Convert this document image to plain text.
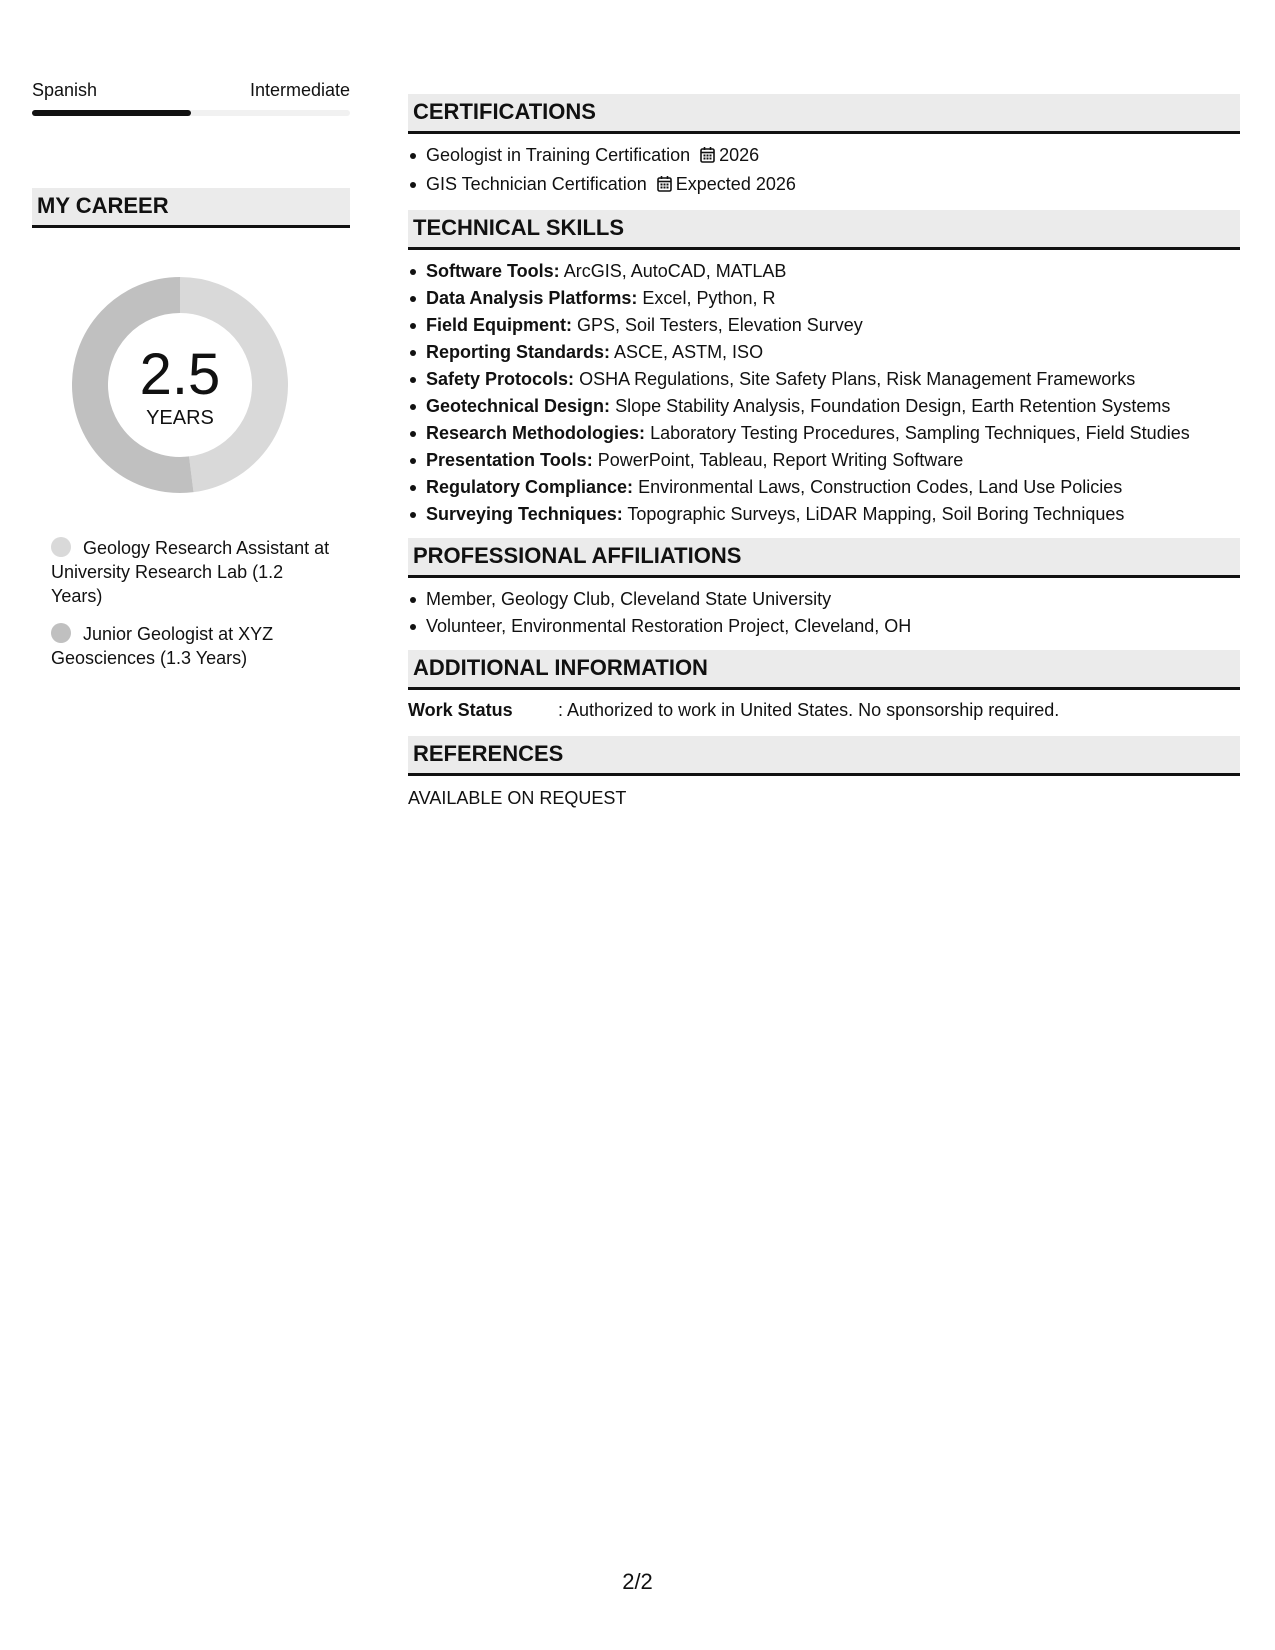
Spanish	Intermediate
MY CAREER
2.5
YEARS
Geology Research Assistant at University Research Lab (1.2 Years)
Junior Geologist at XYZ Geosciences (1.3 Years)
CERTIFICATIONS
Geologist in Training Certification 2026
GIS Technician Certification Expected 2026
TECHNICAL SKILLS
Software Tools: ArcGIS, AutoCAD, MATLAB
Data Analysis Platforms: Excel, Python, R
Field Equipment: GPS, Soil Testers, Elevation Survey
Reporting Standards: ASCE, ASTM, ISO
Safety Protocols: OSHA Regulations, Site Safety Plans, Risk Management Frameworks
Geotechnical Design: Slope Stability Analysis, Foundation Design, Earth Retention Systems
Research Methodologies: Laboratory Testing Procedures, Sampling Techniques, Field Studies
Presentation Tools: PowerPoint, Tableau, Report Writing Software
Regulatory Compliance: Environmental Laws, Construction Codes, Land Use Policies
Surveying Techniques: Topographic Surveys, LiDAR Mapping, Soil Boring Techniques
PROFESSIONAL AFFILIATIONS
Member, Geology Club, Cleveland State University
Volunteer, Environmental Restoration Project, Cleveland, OH
ADDITIONAL INFORMATION
Work Status	: Authorized to work in United States. No sponsorship required.
REFERENCES
AVAILABLE ON REQUEST
2/2
